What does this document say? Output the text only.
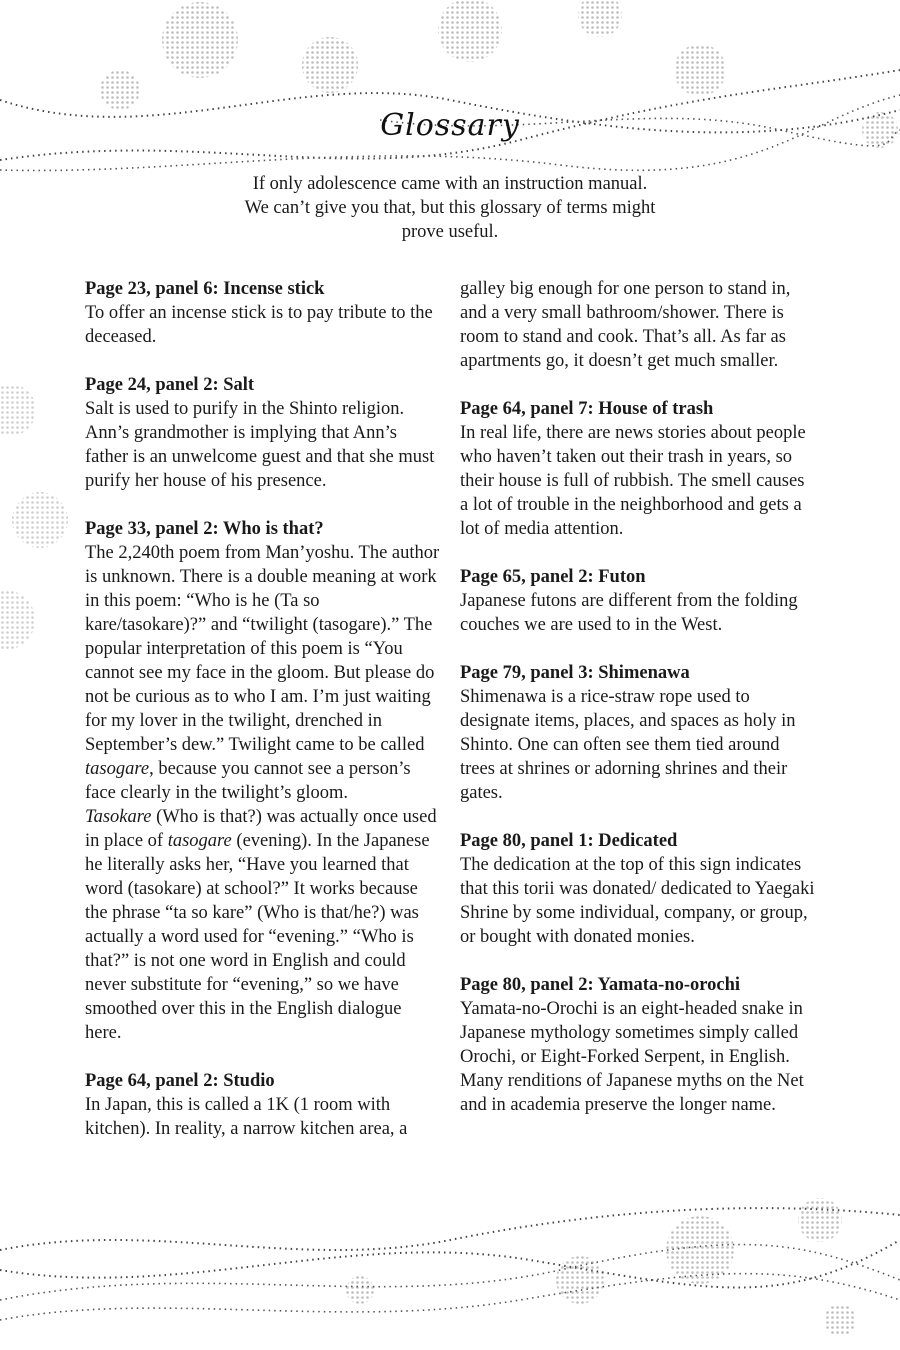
Glossary

If only adolescence came with an instruction manual.

We can’t give you that, but this glossary of terms might

prove useful.

Page 23, panel 6: Incense stick

To offer an incense stick is to pay tribute to the deceased.

Page 24, panel 2: Salt

Salt is used to purify in the Shinto religion. Ann’s grandmother is implying that Ann’s father is an unwelcome guest and that she must purify her house of his presence.

Page 33, panel 2: Who is that?

The 2,240th poem from Man’yoshu. The author is unknown. There is a double meaning at work in this poem: “Who is he (Ta so kare/tasokare)?” and “twilight (tasogare).” The popular interpretation of this poem is “You cannot see my face in the gloom. But please do not be curious as to who I am. I’m just waiting for my lover in the twilight, drenched in September’s dew.” Twilight came to be called tasogare, because you cannot see a person’s face clearly in the twilight’s gloom.

Tasokare (Who is that?) was actually once used in place of tasogare (evening). In the Japanese he literally asks her, “Have you learned that word (tasokare) at school?” It works because the phrase “ta so kare” (Who is that/he?) was actually a word used for “evening.” “Who is that?” is not one word in English and could never substitute for “evening,” so we have smoothed over this in the English dialogue here.

Page 64, panel 2: Studio

In Japan, this is called a 1K (1 room with kitchen). In reality, a narrow kitchen area, a

galley big enough for one person to stand in, and a very small bathroom/shower. There is room to stand and cook. That’s all. As far as apartments go, it doesn’t get much smaller.

Page 64, panel 7: House of trash

In real life, there are news stories about people who haven’t taken out their trash in years, so their house is full of rubbish. The smell causes a lot of trouble in the neighborhood and gets a lot of media attention.

Page 65, panel 2: Futon

Japanese futons are different from the folding couches we are used to in the West.

Page 79, panel 3: Shimenawa

Shimenawa is a rice-straw rope used to designate items, places, and spaces as holy in Shinto. One can often see them tied around trees at shrines or adorning shrines and their gates.

Page 80, panel 1: Dedicated

The dedication at the top of this sign indicates that this torii was donated/ dedicated to Yaegaki Shrine by some individual, company, or group, or bought with donated monies.

Page 80, panel 2: Yamata-no-orochi

Yamata-no-Orochi is an eight-headed snake in Japanese mythology sometimes simply called Orochi, or Eight-Forked Serpent, in English. Many renditions of Japanese myths on the Net and in academia preserve the longer name.
